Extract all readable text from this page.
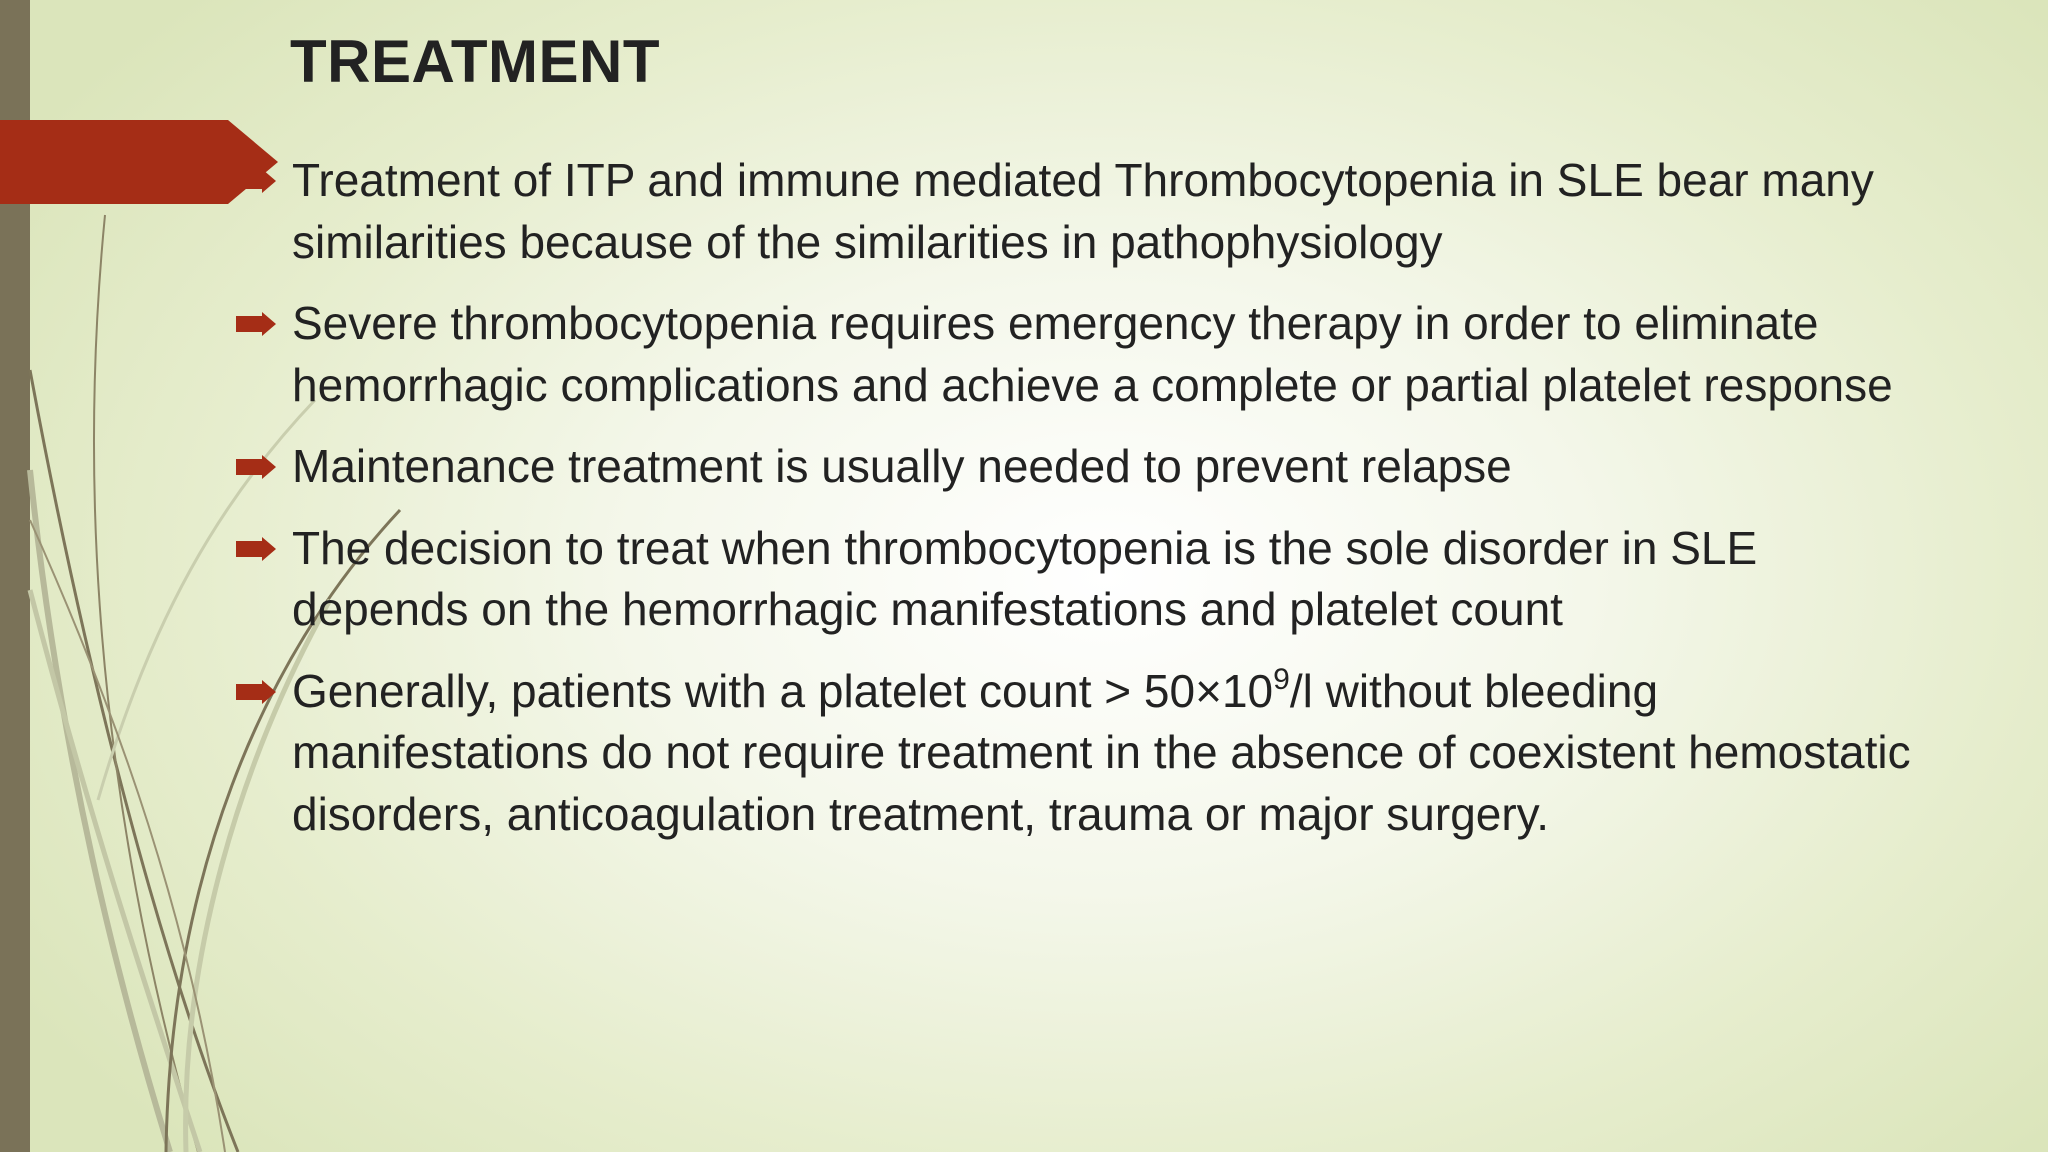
TREATMENT
Treatment of ITP and immune mediated Thrombocytopenia in SLE bear many similarities because of the similarities in pathophysiology
Severe thrombocytopenia requires emergency therapy in order to eliminate hemorrhagic complications and achieve a complete or partial platelet response
Maintenance treatment is usually needed to prevent relapse
The decision to treat when thrombocytopenia is the sole disorder in SLE depends on the hemorrhagic manifestations and platelet count
Generally, patients with a platelet count > $50\times 10^9/l$ without bleeding manifestations do not require treatment in the absence of coexistent hemostatic disorders, anticoagulation treatment, trauma or major surgery.
